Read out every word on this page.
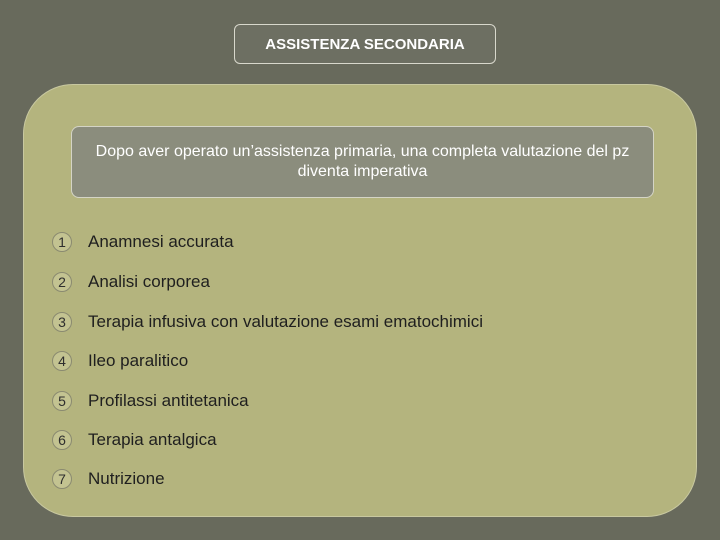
ASSISTENZA SECONDARIA
Dopo aver operato un’assistenza primaria, una completa valutazione del pz diventa imperativa
1	Anamnesi accurata
2	Analisi corporea
3	Terapia infusiva con valutazione esami ematochimici
4	Ileo paralitico
5	Profilassi antitetanica
6	Terapia antalgica
7	Nutrizione
